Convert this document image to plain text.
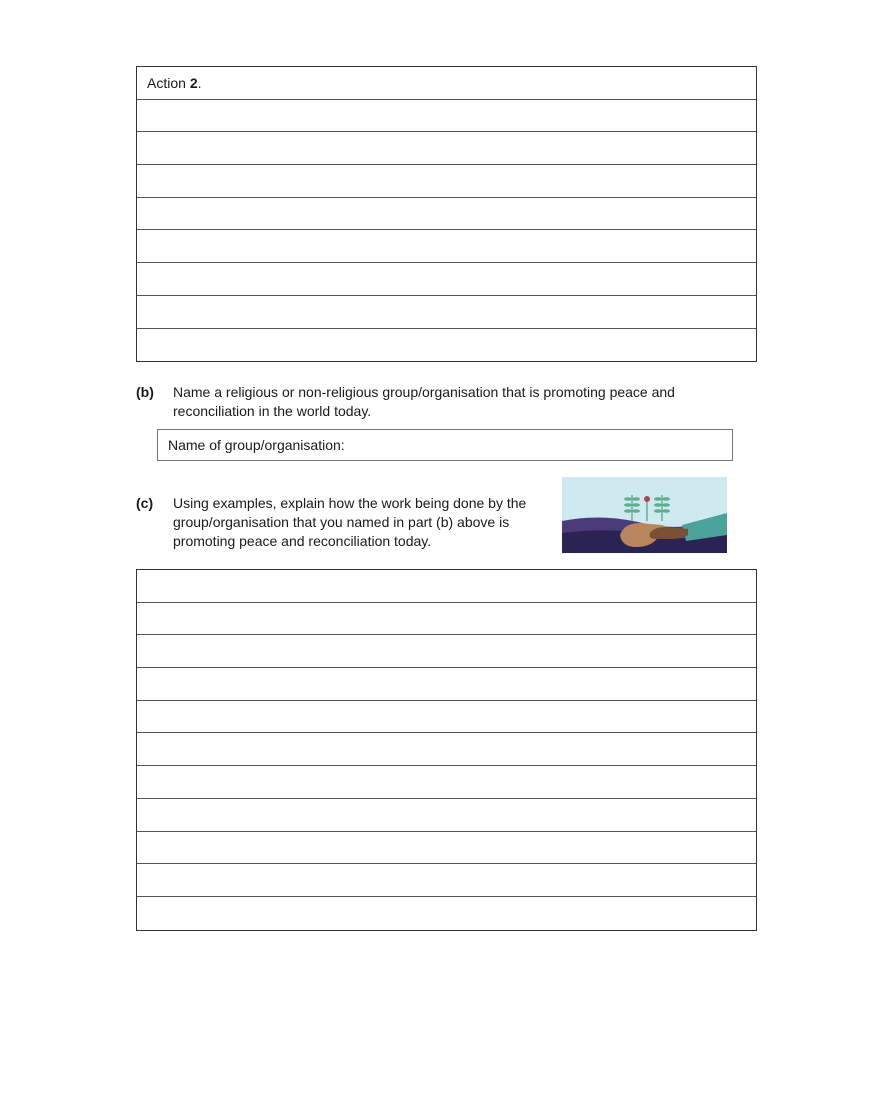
Action 2.
(b) Name a religious or non-religious group/organisation that is promoting peace and
reconciliation in the world today.
Name of group/organisation:
(c) Using examples, explain how the work being done by the
group/organisation that you named in part (b) above is
promoting peace and reconciliation today.
